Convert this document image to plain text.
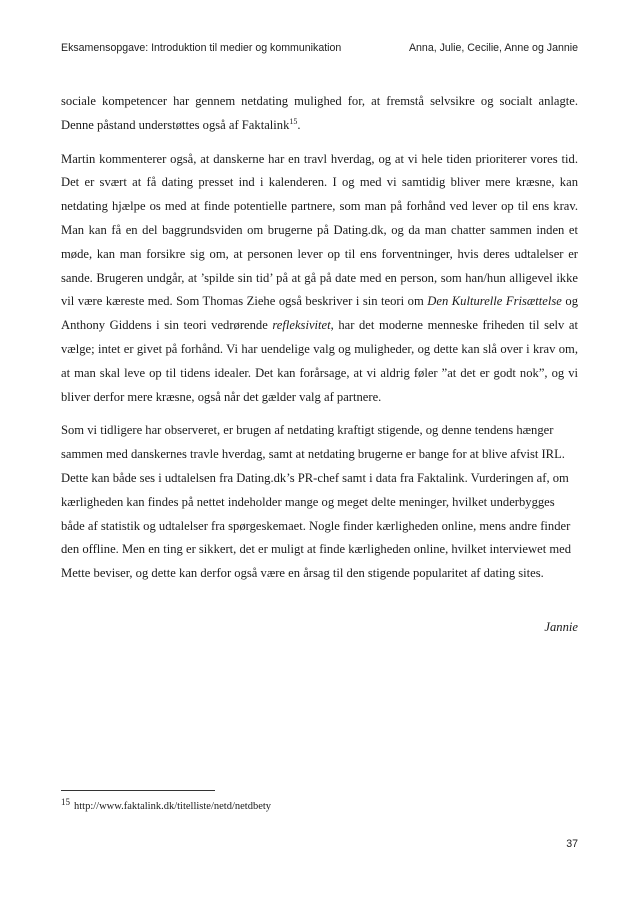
Eksamensopgave: Introduktion til medier og kommunikation	Anna, Julie, Cecilie, Anne og Jannie

sociale kompetencer har gennem netdating mulighed for, at fremstå selvsikre og socialt anlagte. Denne påstand understøttes også af Faktalink$^{15}$.

Martin kommenterer også, at danskerne har en travl hverdag, og at vi hele tiden prioriterer vores tid. Det er svært at få dating presset ind i kalenderen. I og med vi samtidig bliver mere kræsne, kan netdating hjælpe os med at finde potentielle partnere, som man på forhånd ved lever op til ens krav. Man kan få en del baggrundsviden om brugerne på Dating.dk, og da man chatter sammen inden et møde, kan man forsikre sig om, at personen lever op til ens forventninger, hvis deres udtalelser er sande. Brugeren undgår, at ’spilde sin tid’ på at gå på date med en person, som han/hun alligevel ikke vil være kæreste med. Som Thomas Ziehe også beskriver i sin teori om Den Kulturelle Frisættelse og Anthony Giddens i sin teori vedrørende refleksivitet, har det moderne menneske friheden til selv at vælge; intet er givet på forhånd. Vi har uendelige valg og muligheder, og dette kan slå over i krav om, at man skal leve op til tidens idealer. Det kan forårsage, at vi aldrig føler ”at det er godt nok”, og vi bliver derfor mere kræsne, også når det gælder valg af partnere.

Som vi tidligere har observeret, er brugen af netdating kraftigt stigende, og denne tendens hænger sammen med danskernes travle hverdag, samt at netdating brugerne er bange for at blive afvist IRL. Dette kan både ses i udtalelsen fra Dating.dk’s PR-chef samt i data fra Faktalink. Vurderingen af, om kærligheden kan findes på nettet indeholder mange og meget delte meninger, hvilket underbygges både af statistik og udtalelser fra spørgeskemaet. Nogle finder kærligheden online, mens andre finder den offline. Men en ting er sikkert, det er muligt at finde kærligheden online, hvilket interviewet med Mette beviser, og dette kan derfor også være en årsag til den stigende popularitet af dating sites.

Jannie
15 http://www.faktalink.dk/titelliste/netd/netdbety
37
